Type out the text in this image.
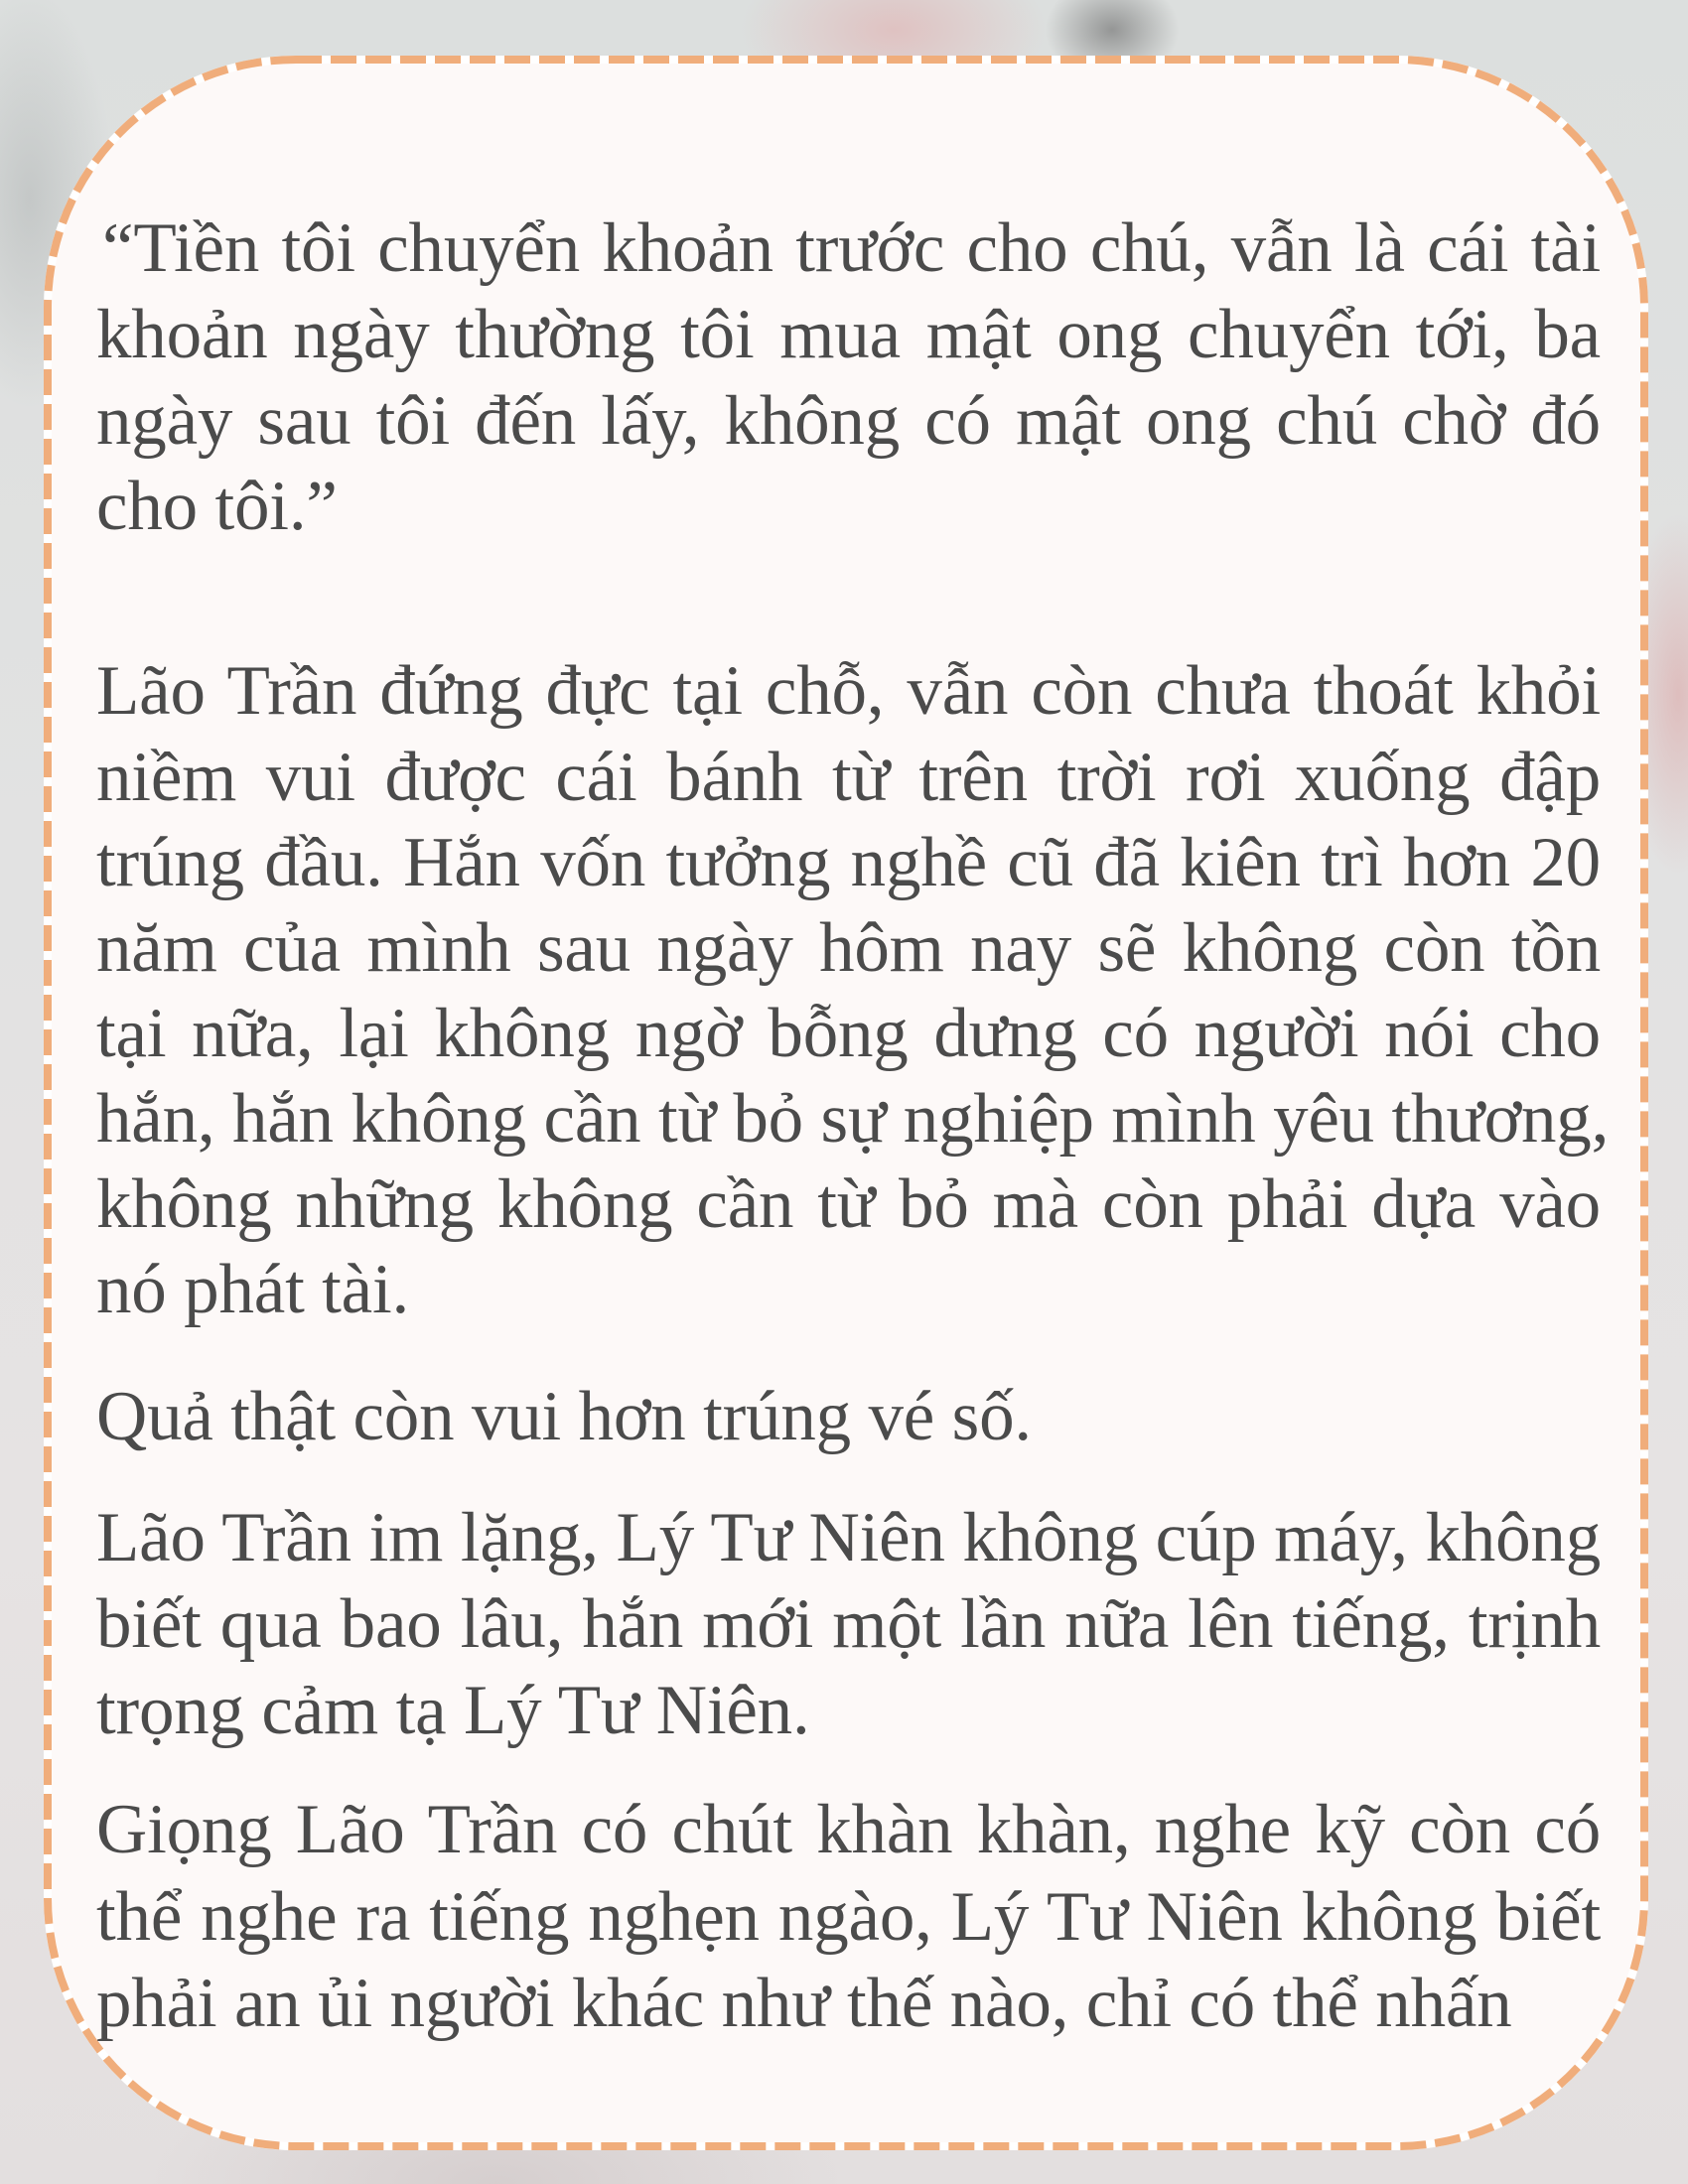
“Tiền tôi chuyển khoản trước cho chú, vẫn là cái tài
khoản ngày thường tôi mua mật ong chuyển tới, ba
ngày sau tôi đến lấy, không có mật ong chú chờ đó
cho tôi.”
Lão Trần đứng đực tại chỗ, vẫn còn chưa thoát khỏi
niềm vui được cái bánh từ trên trời rơi xuống đập
trúng đầu. Hắn vốn tưởng nghề cũ đã kiên trì hơn 20
năm của mình sau ngày hôm nay sẽ không còn tồn
tại nữa, lại không ngờ bỗng dưng có người nói cho
hắn, hắn không cần từ bỏ sự nghiệp mình yêu thương,
không những không cần từ bỏ mà còn phải dựa vào
nó phát tài.
Quả thật còn vui hơn trúng vé số.
Lão Trần im lặng, Lý Tư Niên không cúp máy, không
biết qua bao lâu, hắn mới một lần nữa lên tiếng, trịnh
trọng cảm tạ Lý Tư Niên.
Giọng Lão Trần có chút khàn khàn, nghe kỹ còn có
thể nghe ra tiếng nghẹn ngào, Lý Tư Niên không biết
phải an ủi người khác như thế nào, chỉ có thể nhấn
